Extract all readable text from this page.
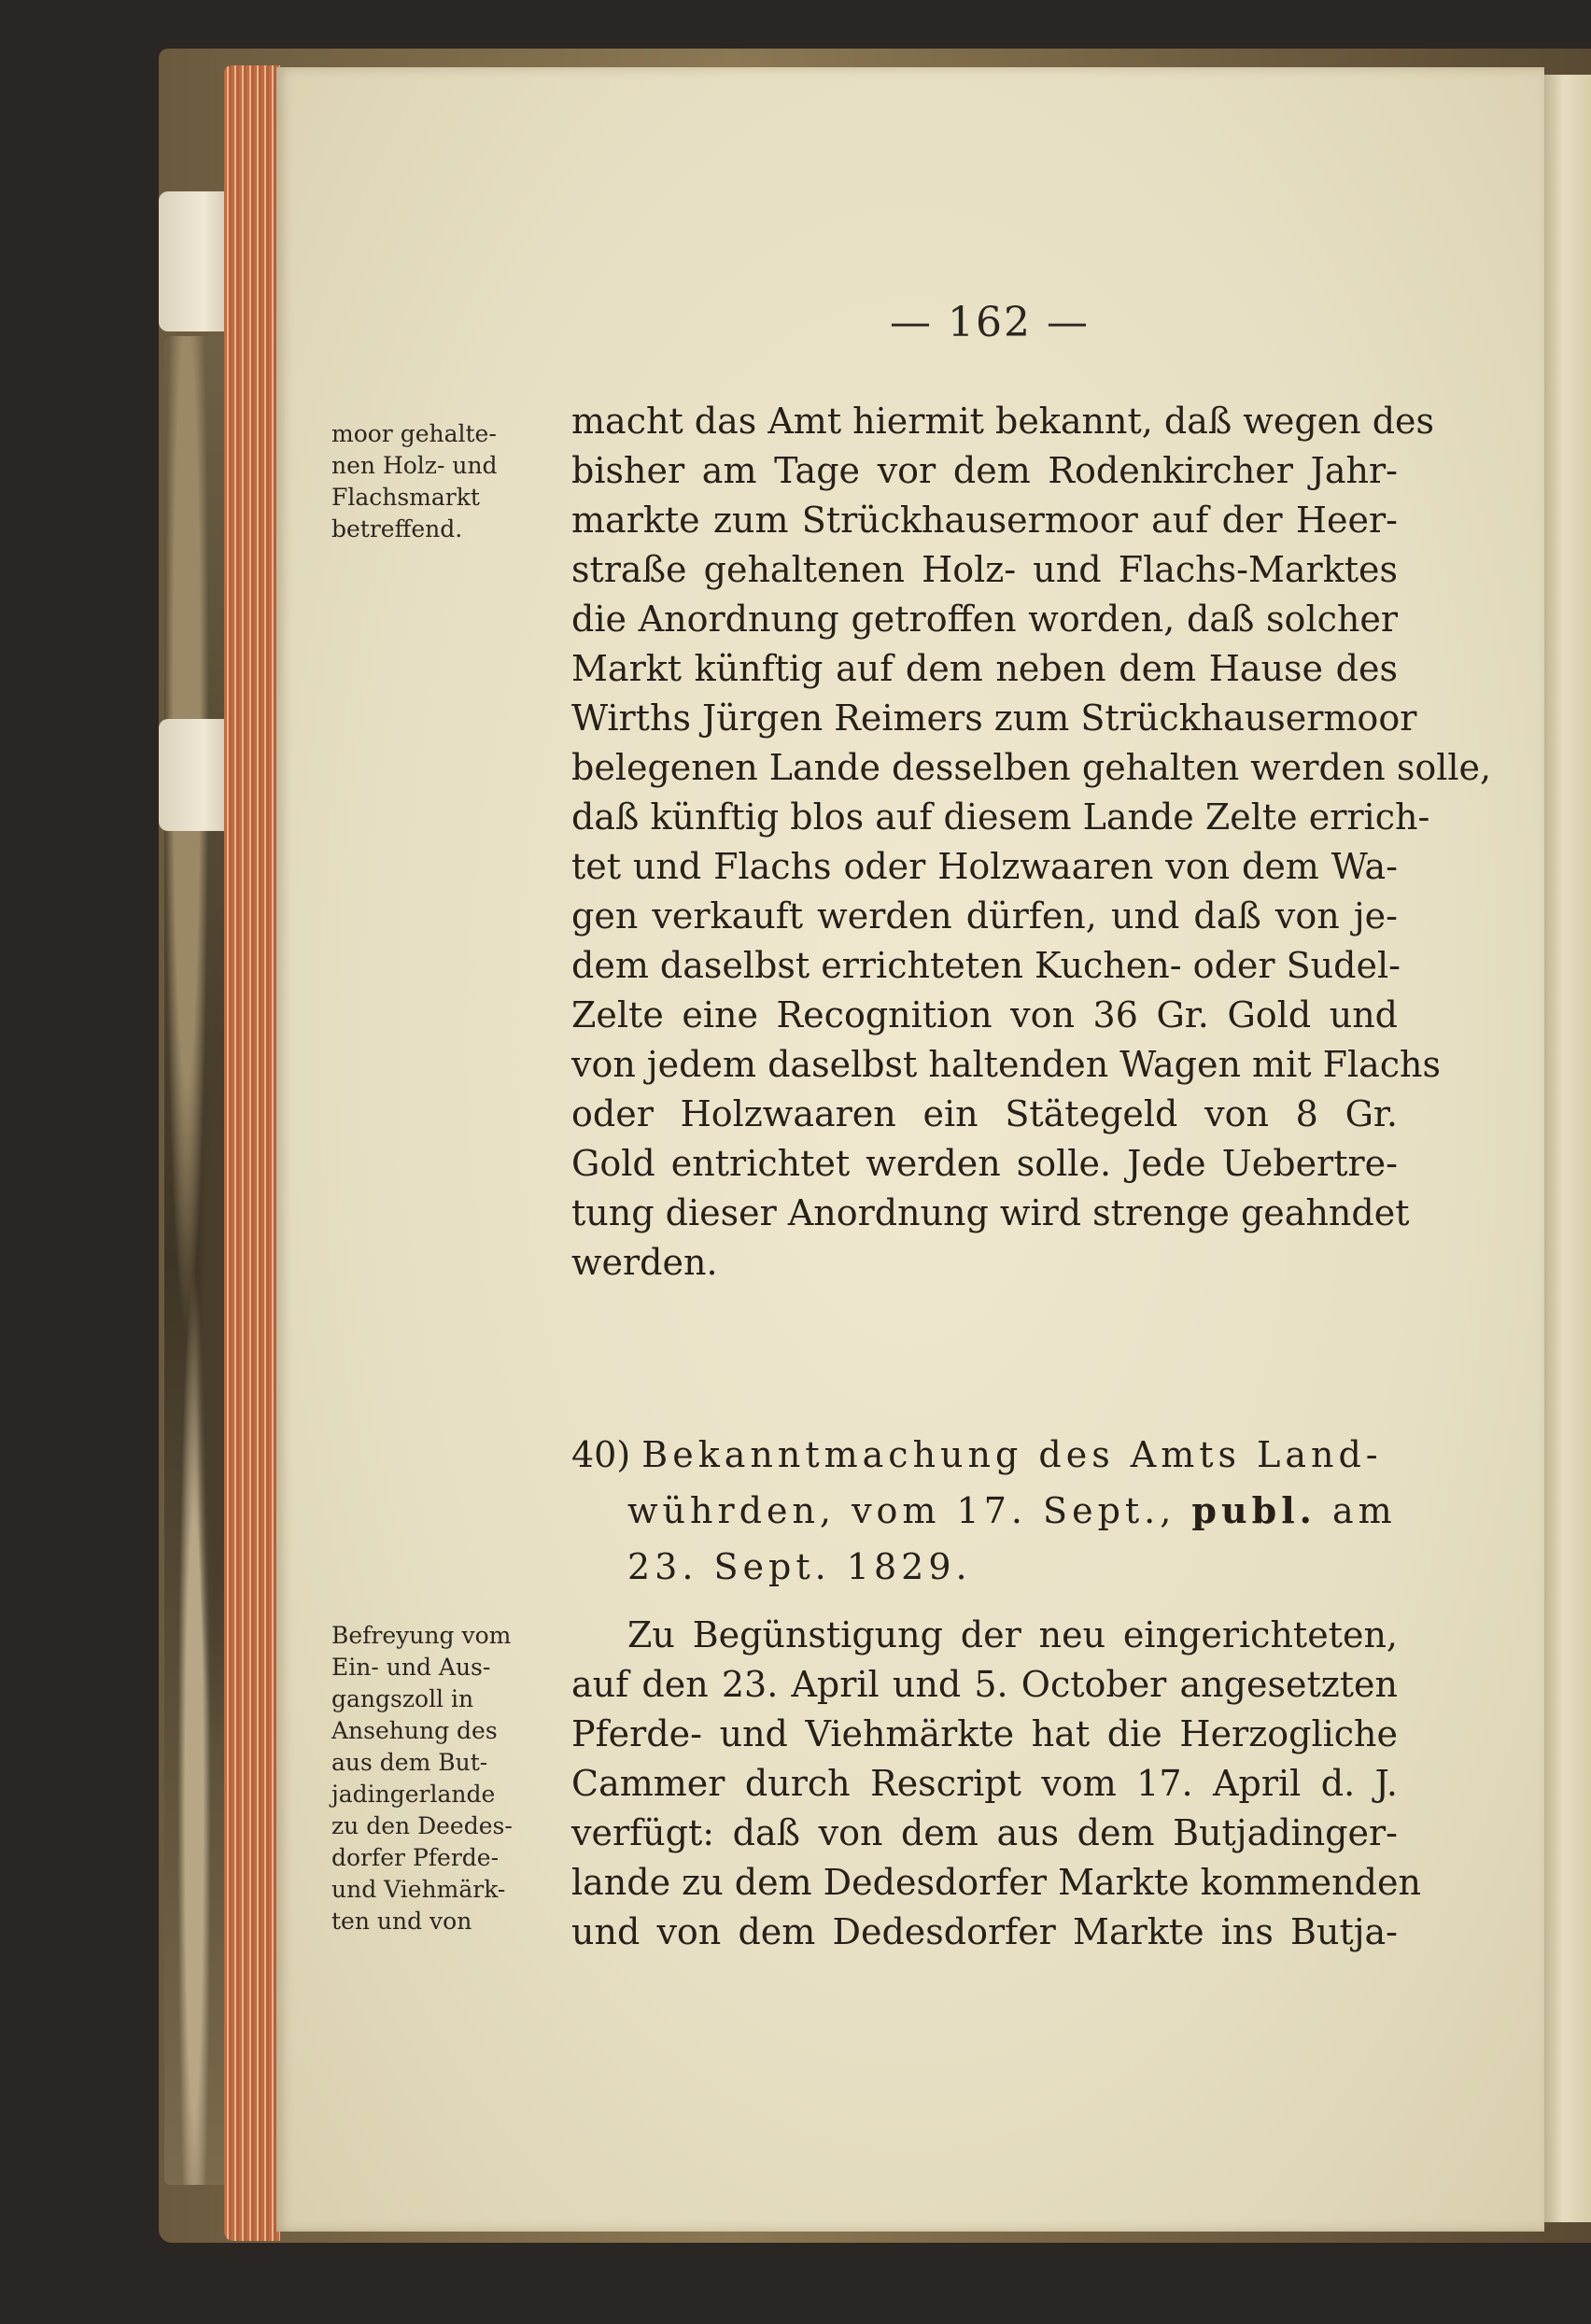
— 162 —
moor gehalte-
nen Holz- und
Flachsmarkt
betreffend.
macht das Amt hiermit bekannt, daß wegen des
bisher am Tage vor dem Rodenkircher Jahr-
markte zum Strückhausermoor auf der Heer-
straße gehaltenen Holz- und Flachs-Marktes
die Anordnung getroffen worden, daß solcher
Markt künftig auf dem neben dem Hause des
Wirths Jürgen Reimers zum Strückhausermoor
belegenen Lande desselben gehalten werden solle,
daß künftig blos auf diesem Lande Zelte errich-
tet und Flachs oder Holzwaaren von dem Wa-
gen verkauft werden dürfen, und daß von je-
dem daselbst errichteten Kuchen- oder Sudel-
Zelte eine Recognition von 36 Gr. Gold und
von jedem daselbst haltenden Wagen mit Flachs
oder Holzwaaren ein Stätegeld von 8 Gr.
Gold entrichtet werden solle. Jede Uebertre-
tung dieser Anordnung wird strenge geahndet
werden.
40) Bekanntmachung des Amts Land-
wührden, vom 17. Sept., publ. am
23. Sept. 1829.
Befreyung vom
Ein- und Aus-
gangszoll in
Ansehung des
aus dem But-
jadingerlande
zu den Deedes-
dorfer Pferde-
und Viehmärk-
ten und von
Zu Begünstigung der neu eingerichteten,
auf den 23. April und 5. October angesetzten
Pferde- und Viehmärkte hat die Herzogliche
Cammer durch Rescript vom 17. April d. J.
verfügt: daß von dem aus dem Butjadinger-
lande zu dem Dedesdorfer Markte kommenden
und von dem Dedesdorfer Markte ins Butja-
